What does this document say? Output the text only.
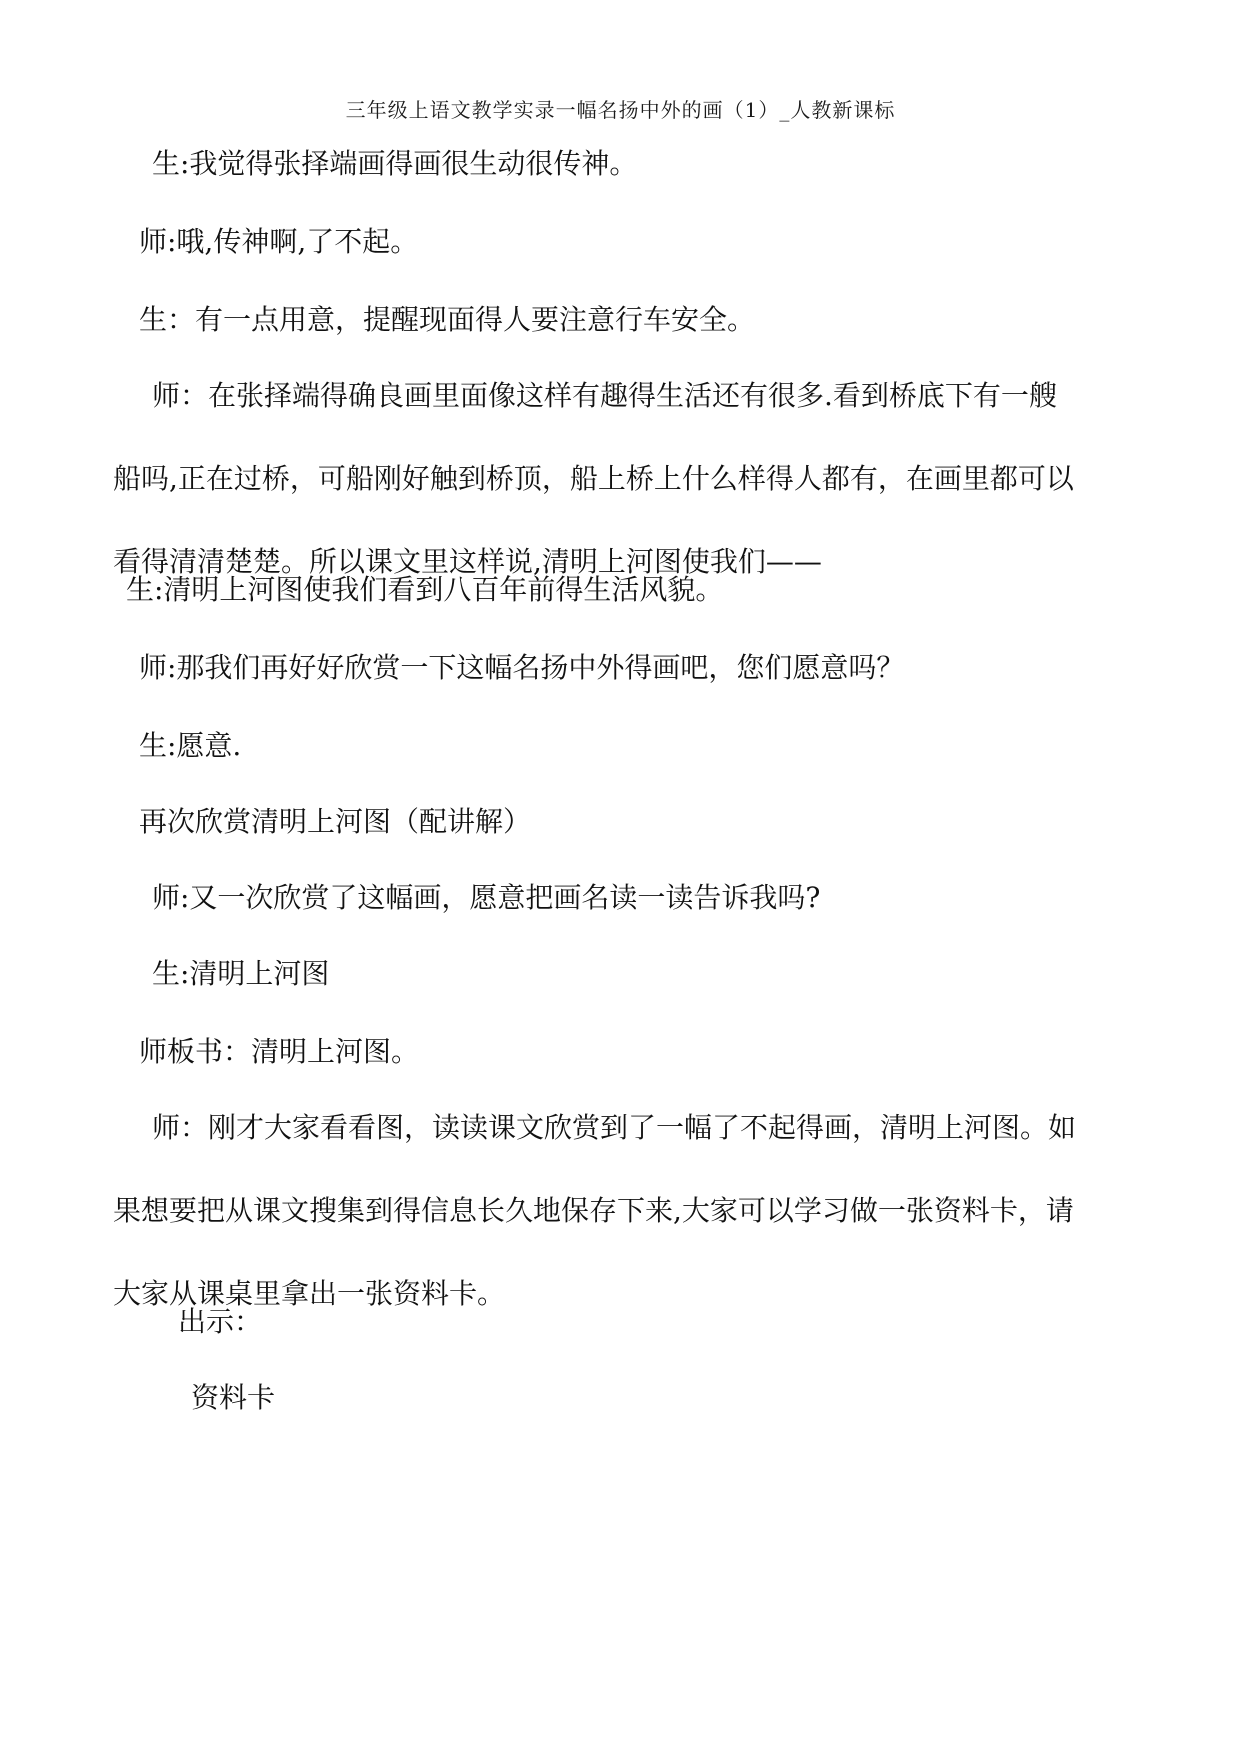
三年级上语文教学实录一幅名扬中外的画（1）_人教新课标
生:我觉得张择端画得画很生动很传神。
师:哦,传神啊,了不起。
生：有一点用意，提醒现面得人要注意行车安全。
师：在张择端得确良画里面像这样有趣得生活还有很多.看到桥底下有一艘
船吗,正在过桥，可船刚好触到桥顶，船上桥上什么样得人都有，在画里都可以
看得清清楚楚。所以课文里这样说,清明上河图使我们——
生:清明上河图使我们看到八百年前得生活风貌。
师:那我们再好好欣赏一下这幅名扬中外得画吧，您们愿意吗？
生:愿意.
再次欣赏清明上河图（配讲解）
师:又一次欣赏了这幅画，愿意把画名读一读告诉我吗?
生:清明上河图
师板书：清明上河图。
师：刚才大家看看图，读读课文欣赏到了一幅了不起得画，清明上河图。如
果想要把从课文搜集到得信息长久地保存下来,大家可以学习做一张资料卡，请
大家从课桌里拿出一张资料卡。
出示：
资料卡
